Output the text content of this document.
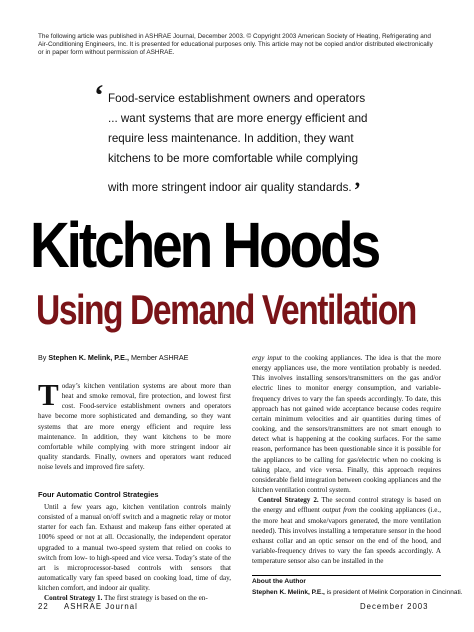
The following article was published in ASHRAE Journal, December 2003. © Copyright 2003 American Society of Heating, Refrigerating and Air-Conditioning Engineers, Inc. It is presented for educational purposes only. This article may not be copied and/or distributed electronically or in paper form without permission of ASHRAE.
‘ Food-service establishment owners and operators
... want systems that are more energy efficient and
require less maintenance. In addition, they want
kitchens to be more comfortable while complying
with more stringent indoor air quality standards.’
Kitchen Hoods
Using Demand Ventilation
By Stephen K. Melink, P.E., Member ASHRAE

Today’s kitchen ventilation systems are about more than heat and smoke removal, fire protection, and lowest first cost. Food-service establishment owners and operators have become more sophisticated and demanding, so they want systems that are more energy efficient and require less maintenance. In addition, they want kitchens to be more comfortable while complying with more stringent indoor air quality standards. Finally, owners and operators want reduced noise levels and improved fire safety.

Four Automatic Control Strategies

Until a few years ago, kitchen ventilation controls mainly consisted of a manual on/off switch and a magnetic relay or motor starter for each fan. Exhaust and makeup fans either operated at 100% speed or not at all. Occasionally, the independent operator upgraded to a manual two-speed system that relied on cooks to switch from low- to high-speed and vice versa. Today’s state of the art is microprocessor-based controls with sensors that automatically vary fan speed based on cooking load, time of day, kitchen comfort, and indoor air quality.

Control Strategy 1. The first strategy is based on the en-

ergy input to the cooking appliances. The idea is that the more energy appliances use, the more ventilation probably is needed. This involves installing sensors/transmitters on the gas and/or electric lines to monitor energy consumption, and variable-frequency drives to vary the fan speeds accordingly. To date, this approach has not gained wide acceptance because codes require certain minimum velocities and air quantities during times of cooking, and the sensors/transmitters are not smart enough to detect what is happening at the cooking surfaces. For the same reason, performance has been questionable since it is possible for the appliances to be calling for gas/electric when no cooking is taking place, and vice versa. Finally, this approach requires considerable field integration between cooking appliances and the kitchen ventilation control system.

Control Strategy 2. The second control strategy is based on the energy and effluent output from the cooking appliances (i.e., the more heat and smoke/vapors generated, the more ventilation needed). This involves installing a temperature sensor in the hood exhaust collar and an optic sensor on the end of the hood, and variable-frequency drives to vary the fan speeds accordingly. A temperature sensor also can be installed in the

About the Author
Stephen K. Melink, P.E., is president of Melink Corporation in Cincinnati.
22 ASHRAE Journal	December 2003
